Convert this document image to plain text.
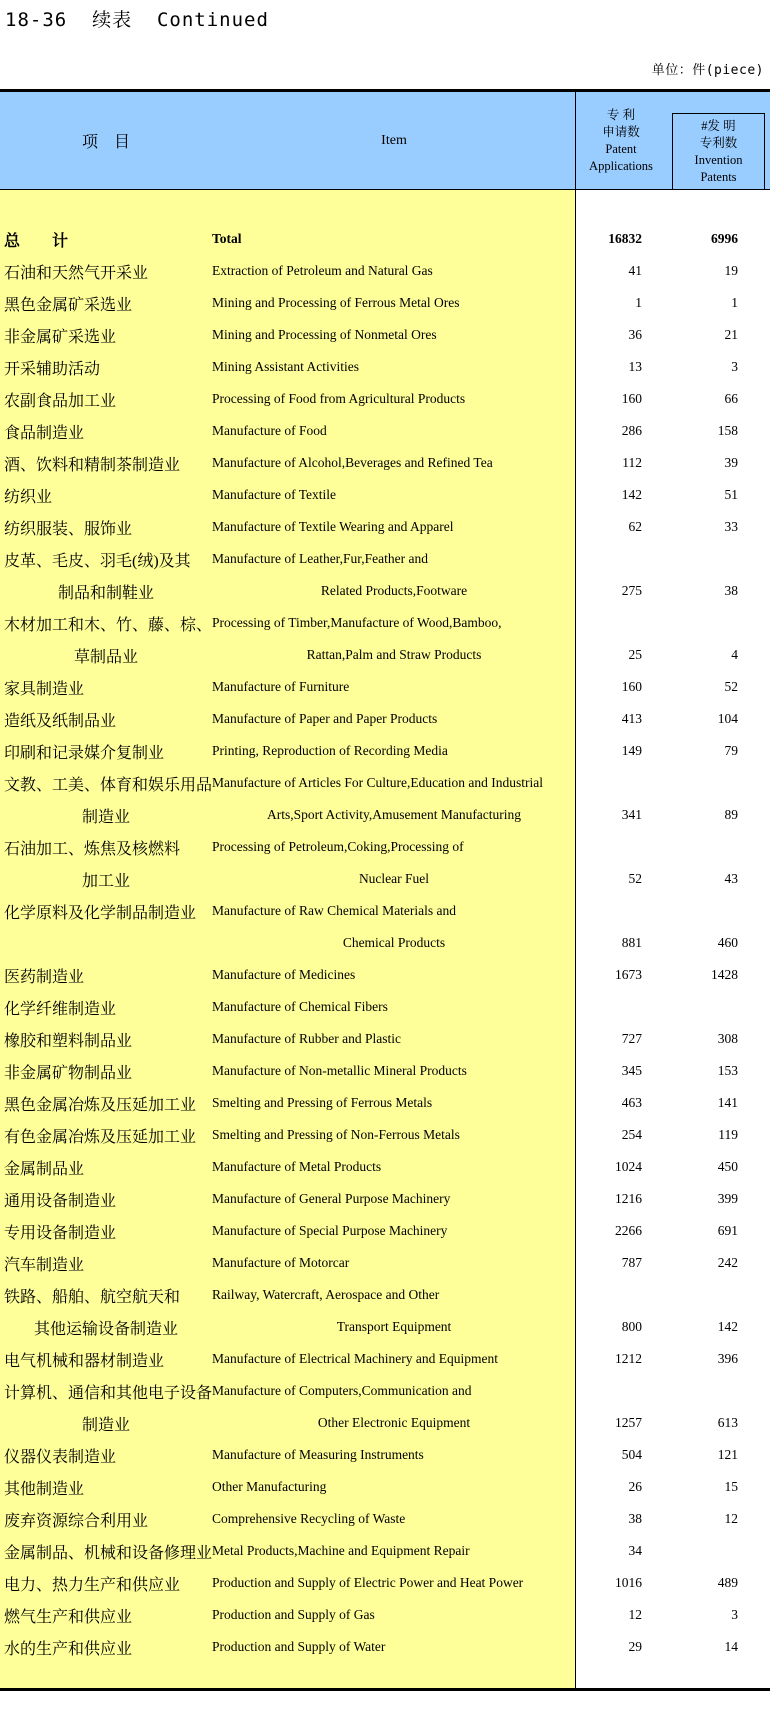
18-36  续表  Continued
单位：件(piece)
项　目	Item
专 利
申请数
Patent
Applications
#发 明
专利数
Invention
Patents
总　　计	Total	16832	6996
石油和天然气开采业	Extraction of Petroleum and Natural Gas	41	19
黑色金属矿采选业	Mining and Processing of Ferrous Metal Ores	1	1
非金属矿采选业	Mining and Processing of Nonmetal Ores	36	21
开采辅助活动	Mining Assistant Activities	13	3
农副食品加工业	Processing of Food from Agricultural Products	160	66
食品制造业	Manufacture of Food	286	158
酒、饮料和精制茶制造业	Manufacture of Alcohol,Beverages and Refined Tea	112	39
纺织业	Manufacture of Textile	142	51
纺织服装、服饰业	Manufacture of Textile Wearing and Apparel	62	33
皮革、毛皮、羽毛(绒)及其	Manufacture of Leather,Fur,Feather and
制品和制鞋业	Related Products,Footware	275	38
木材加工和木、竹、藤、棕、 Processing of Timber,Manufacture of Wood,Bamboo,
草制品业	Rattan,Palm and Straw Products	25	4
家具制造业	Manufacture of Furniture	160	52
造纸及纸制品业	Manufacture of Paper and Paper Products	413	104
印刷和记录媒介复制业	Printing, Reproduction of Recording Media	149	79
文教、工美、体育和娱乐用品 Manufacture of Articles For Culture,Education and Industrial
制造业	Arts,Sport Activity,Amusement Manufacturing	341	89
石油加工、炼焦及核燃料	Processing of Petroleum,Coking,Processing of
加工业	Nuclear Fuel	52	43
化学原料及化学制品制造业	Manufacture of Raw Chemical Materials and
Chemical Products	881	460
医药制造业	Manufacture of Medicines	1673	1428
化学纤维制造业	Manufacture of Chemical Fibers
橡胶和塑料制品业	Manufacture of Rubber and Plastic	727	308
非金属矿物制品业	Manufacture of Non-metallic Mineral Products	345	153
黑色金属冶炼及压延加工业	Smelting and Pressing of Ferrous Metals	463	141
有色金属冶炼及压延加工业	Smelting and Pressing of Non-Ferrous Metals	254	119
金属制品业	Manufacture of Metal Products	1024	450
通用设备制造业	Manufacture of General Purpose Machinery	1216	399
专用设备制造业	Manufacture of Special Purpose Machinery	2266	691
汽车制造业	Manufacture of Motorcar	787	242
铁路、船舶、航空航天和	Railway, Watercraft, Aerospace and Other
其他运输设备制造业	Transport Equipment	800	142
电气机械和器材制造业	Manufacture of Electrical Machinery and Equipment	1212	396
计算机、通信和其他电子设备 Manufacture of Computers,Communication and
制造业	Other Electronic Equipment	1257	613
仪器仪表制造业	Manufacture of Measuring Instruments	504	121
其他制造业	Other Manufacturing	26	15
废弃资源综合利用业	Comprehensive Recycling of Waste	38	12
金属制品、机械和设备修理业 Metal Products,Machine and Equipment Repair	34
电力、热力生产和供应业	Production and Supply of Electric Power and Heat Power	1016	489
燃气生产和供应业	Production and Supply of Gas	12	3
水的生产和供应业	Production and Supply of Water	29	14
